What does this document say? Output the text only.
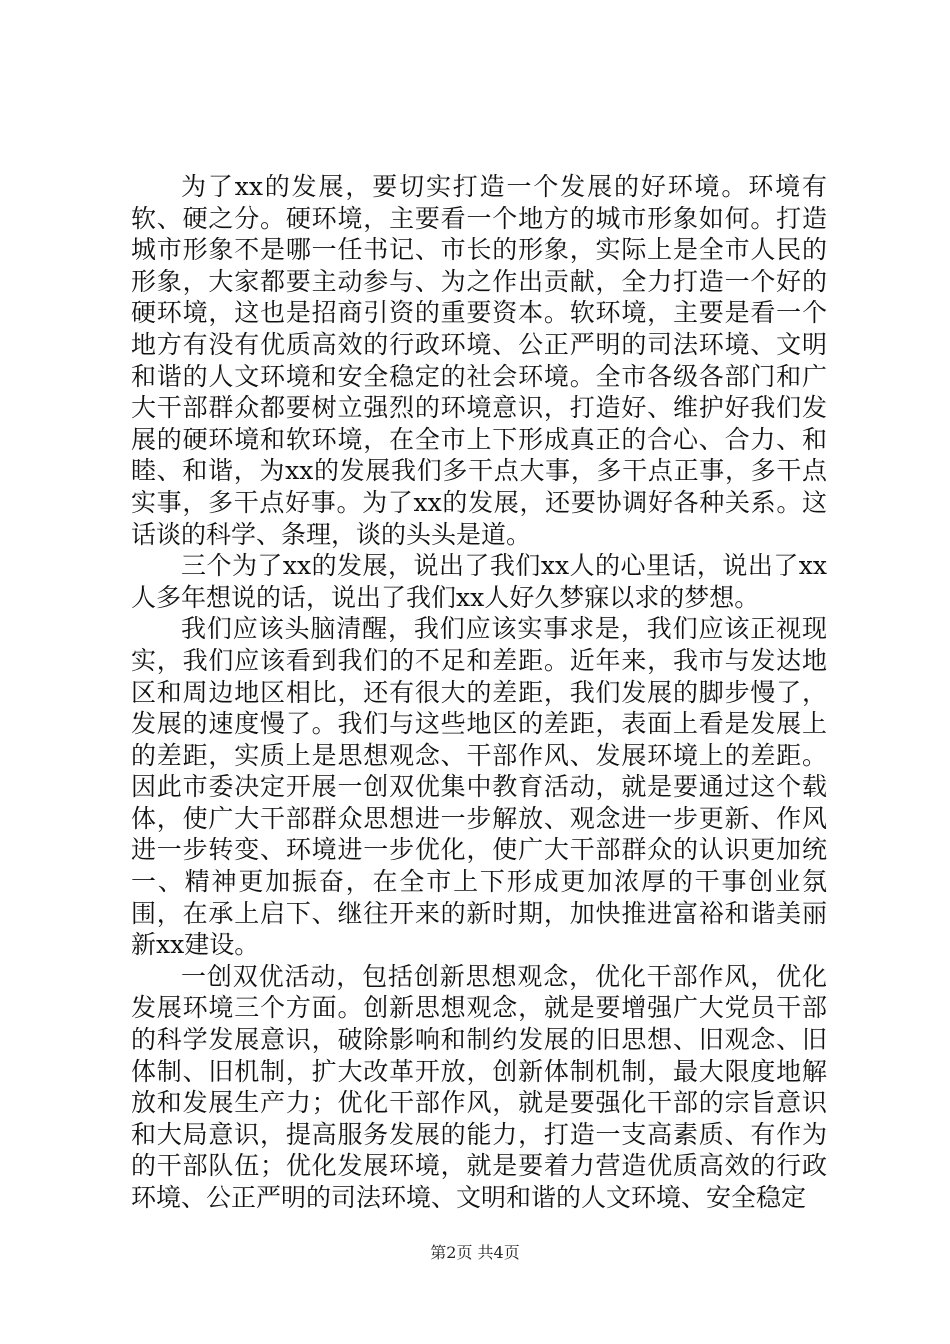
为了xx的发展，要切实打造一个发展的好环境。环境有软、硬之分。硬环境，主要看一个地方的城市形象如何。打造城市形象不是哪一任书记、市长的形象，实际上是全市人民的形象，大家都要主动参与、为之作出贡献，全力打造一个好的硬环境，这也是招商引资的重要资本。软环境，主要是看一个地方有没有优质高效的行政环境、公正严明的司法环境、文明和谐的人文环境和安全稳定的社会环境。全市各级各部门和广大干部群众都要树立强烈的环境意识，打造好、维护好我们发展的硬环境和软环境，在全市上下形成真正的合心、合力、和睦、和谐，为xx的发展我们多干点大事，多干点正事，多干点实事，多干点好事。为了xx的发展，还要协调好各种关系。这话谈的科学、条理，谈的头头是道。

三个为了xx的发展，说出了我们xx人的心里话，说出了xx人多年想说的话，说出了我们xx人好久梦寐以求的梦想。

我们应该头脑清醒，我们应该实事求是，我们应该正视现实，我们应该看到我们的不足和差距。近年来，我市与发达地区和周边地区相比，还有很大的差距，我们发展的脚步慢了，发展的速度慢了。我们与这些地区的差距，表面上看是发展上的差距，实质上是思想观念、干部作风、发展环境上的差距。因此市委决定开展一创双优集中教育活动，就是要通过这个载体，使广大干部群众思想进一步解放、观念进一步更新、作风进一步转变、环境进一步优化，使广大干部群众的认识更加统一、精神更加振奋，在全市上下形成更加浓厚的干事创业氛围，在承上启下、继往开来的新时期，加快推进富裕和谐美丽新xx建设。

一创双优活动，包括创新思想观念，优化干部作风，优化发展环境三个方面。创新思想观念，就是要增强广大党员干部的科学发展意识，破除影响和制约发展的旧思想、旧观念、旧体制、旧机制，扩大改革开放，创新体制机制，最大限度地解放和发展生产力；优化干部作风，就是要强化干部的宗旨意识和大局意识，提高服务发展的能力，打造一支高素质、有作为的干部队伍；优化发展环境，就是要着力营造优质高效的行政环境、公正严明的司法环境、文明和谐的人文环境、安全稳定

第2页 共4页
